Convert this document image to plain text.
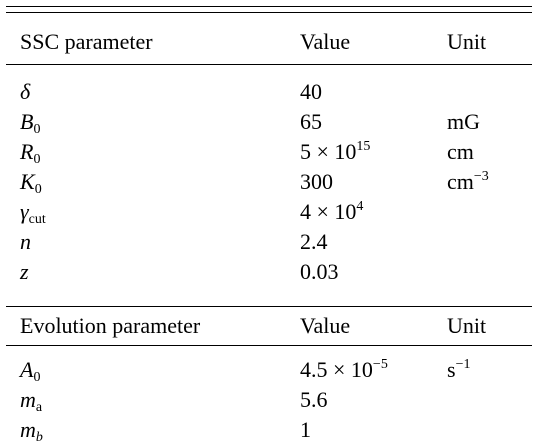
SSC parameter	Value	Unit
δ	40
$B_0$	65	mG
$R_0$	$5 \times 10^{15}$	cm
$K_0$	300	$cm^{-3}$
$\gamma_{cut}$	$4 \times 10^4$
n	2.4
z	0.03
Evolution parameter	Value	Unit
$A_0$	$4.5 \times 10^{-5}$	$s^{-1}$
$m_a$	5.6
$m_b$	1
